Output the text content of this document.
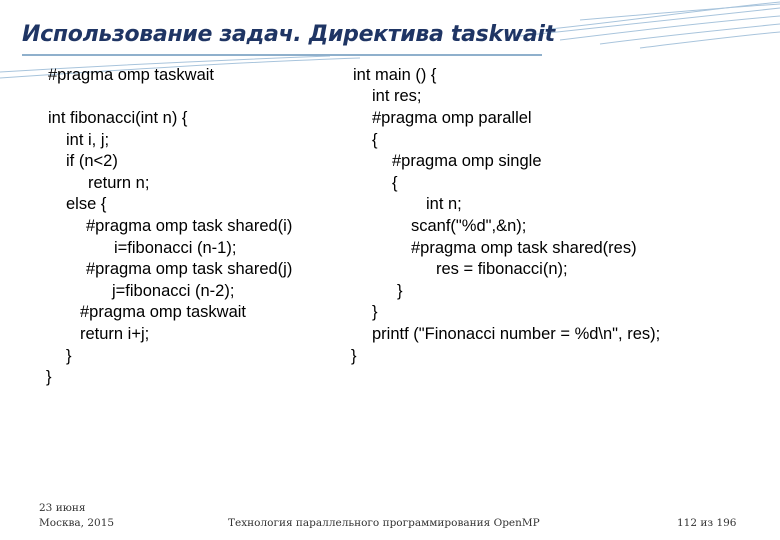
Использование задач. Директива taskwait
#pragma omp taskwait
int fibonacci(int n) {
int i, j;
if (n<2)
return n;
else {
#pragma omp task shared(i)
i=fibonacci (n-1);
#pragma omp task shared(j)
j=fibonacci (n-2);
#pragma omp taskwait
return i+j;
}
}
int main () {
int res;
#pragma omp parallel
{
#pragma omp single
{
int n;
scanf("%d",&n);
#pragma omp task shared(res)
res = fibonacci(n);
}
}
printf ("Finonacci number = %d\n", res);
}
23 июня
Москва, 2015	Технология параллельного программирования OpenMP	112 из 196
